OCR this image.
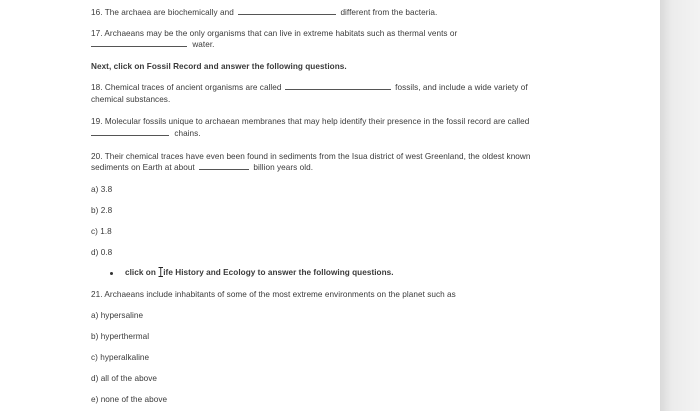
16. The archaea are biochemically and	different from the bacteria.
17. Archaeans may be the only organisms that can live in extreme habitats such as thermal vents or
water.
Next, click on Fossil Record and answer the following questions.
18. Chemical traces of ancient organisms are called	fossils, and include a wide variety of
chemical substances.
19. Molecular fossils unique to archaean membranes that may help identify their presence in the fossil record are called
chains.
20. Their chemical traces have even been found in sediments from the Isua district of west Greenland, the oldest known
sediments on Earth at about	billion years old.
a) 3.8
b) 2.8
c) 1.8
d) 0.8
click on ife History and Ecology to answer the following questions.
21. Archaeans include inhabitants of some of the most extreme environments on the planet such as
a) hypersaline
b) hyperthermal
c) hyperalkaline
d) all of the above
e) none of the above
